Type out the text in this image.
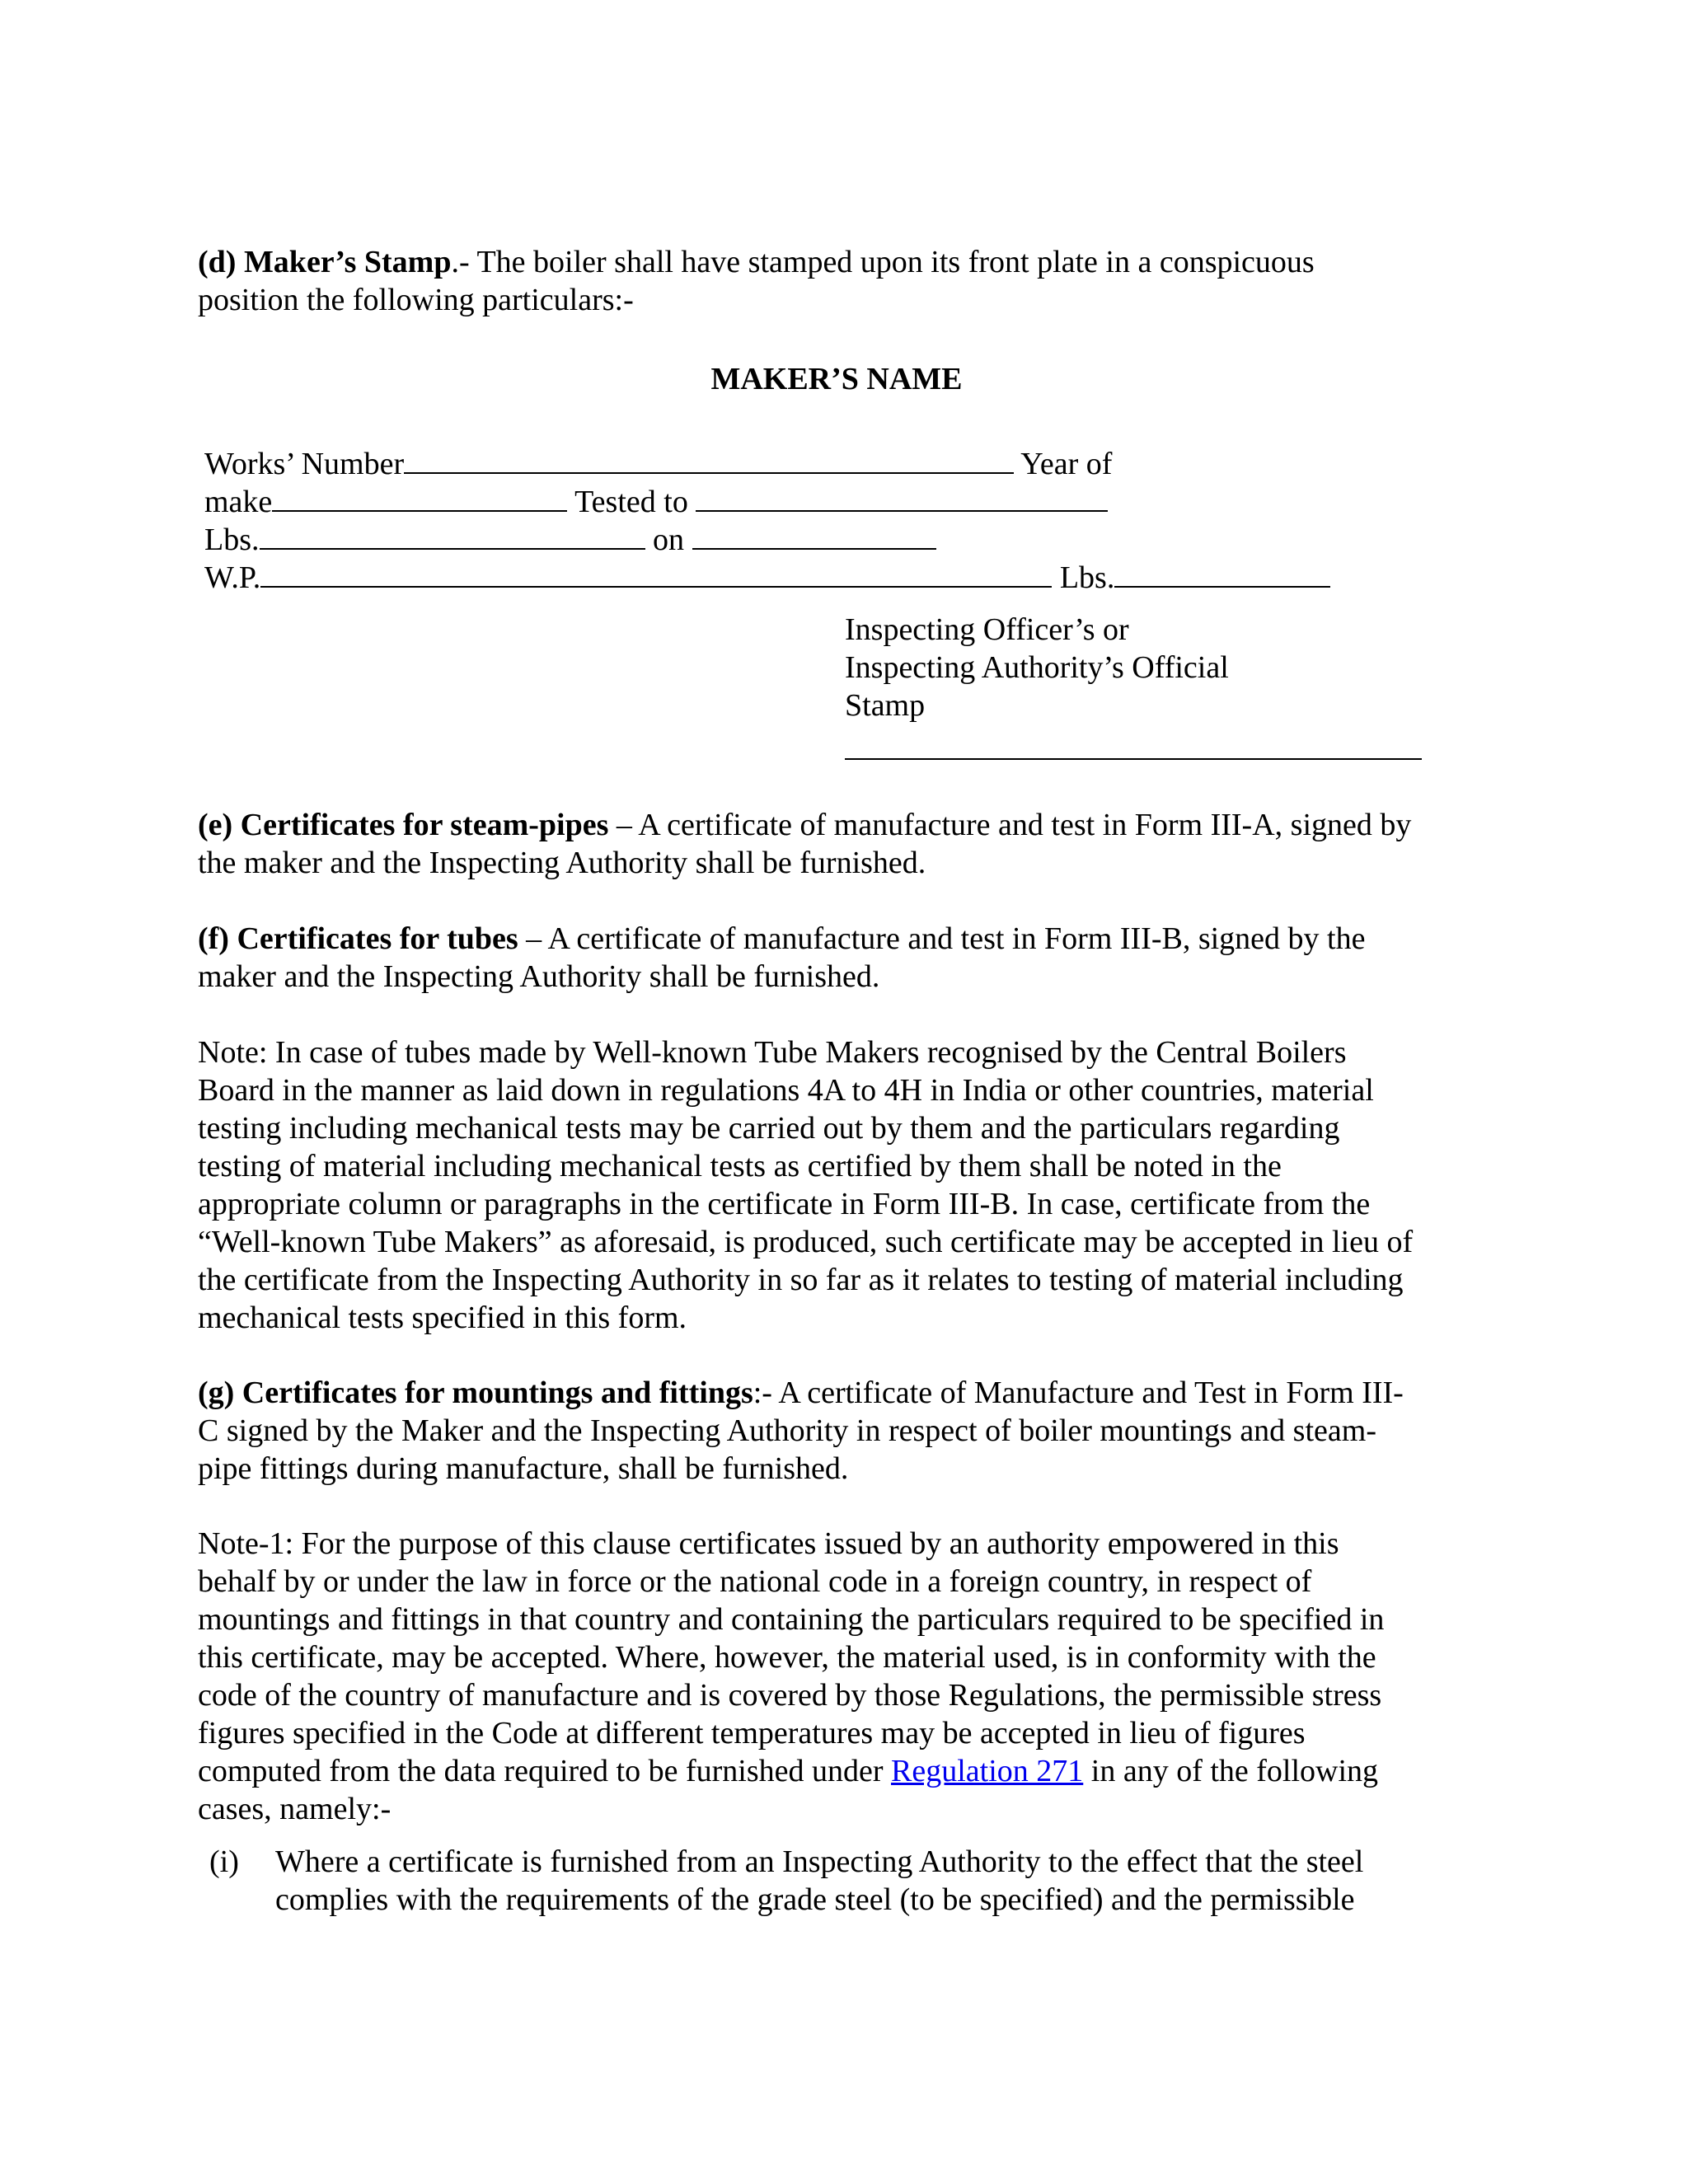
(d) Maker’s Stamp.- The boiler shall have stamped upon its front plate in a conspicuous
position the following particulars:-

MAKER’S NAME

Works’ Number	Year of
make	Tested to
Lbs.	on
W.P.	Lbs.
Inspecting Officer’s or
Inspecting Authority’s Official
Stamp

(e) Certificates for steam-pipes – A certificate of manufacture and test in Form III-A, signed by
the maker and the Inspecting Authority shall be furnished.

(f) Certificates for tubes – A certificate of manufacture and test in Form III-B, signed by the
maker and the Inspecting Authority shall be furnished.

Note: In case of tubes made by Well-known Tube Makers recognised by the Central Boilers
Board in the manner as laid down in regulations 4A to 4H in India or other countries, material
testing including mechanical tests may be carried out by them and the particulars regarding
testing of material including mechanical tests as certified by them shall be noted in the
appropriate column or paragraphs in the certificate in Form III-B. In case, certificate from the
“Well-known Tube Makers” as aforesaid, is produced, such certificate may be accepted in lieu of
the certificate from the Inspecting Authority in so far as it relates to testing of material including
mechanical tests specified in this form.

(g) Certificates for mountings and fittings:- A certificate of Manufacture and Test in Form III-
C signed by the Maker and the Inspecting Authority in respect of boiler mountings and steam-
pipe fittings during manufacture, shall be furnished.

Note-1: For the purpose of this clause certificates issued by an authority empowered in this
behalf by or under the law in force or the national code in a foreign country, in respect of
mountings and fittings in that country and containing the particulars required to be specified in
this certificate, may be accepted. Where, however, the material used, is in conformity with the
code of the country of manufacture and is covered by those Regulations, the permissible stress
figures specified in the Code at different temperatures may be accepted in lieu of figures
computed from the data required to be furnished under Regulation 271 in any of the following
cases, namely:-

(i) Where a certificate is furnished from an Inspecting Authority to the effect that the steel
complies with the requirements of the grade steel (to be specified) and the permissible
